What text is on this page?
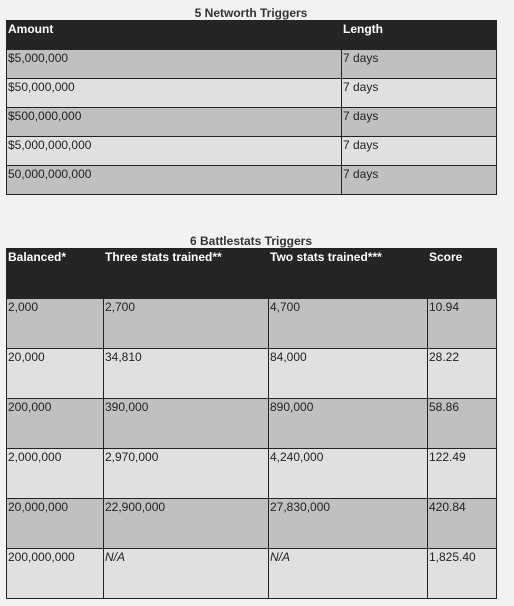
5 Networth Triggers
Amount	Length
$5,000,000	7 days
$50,000,000	7 days
$500,000,000	7 days
$5,000,000,000	7 days
50,000,000,000	7 days
6 Battlestats Triggers
Balanced*	Three stats trained**	Two stats trained***	Score
2,000	2,700	4,700	10.94
20,000	34,810	84,000	28.22
200,000	390,000	890,000	58.86
2,000,000	2,970,000	4,240,000	122.49
20,000,000	22,900,000	27,830,000	420.84
200,000,000	N/A	N/A	1,825.40
